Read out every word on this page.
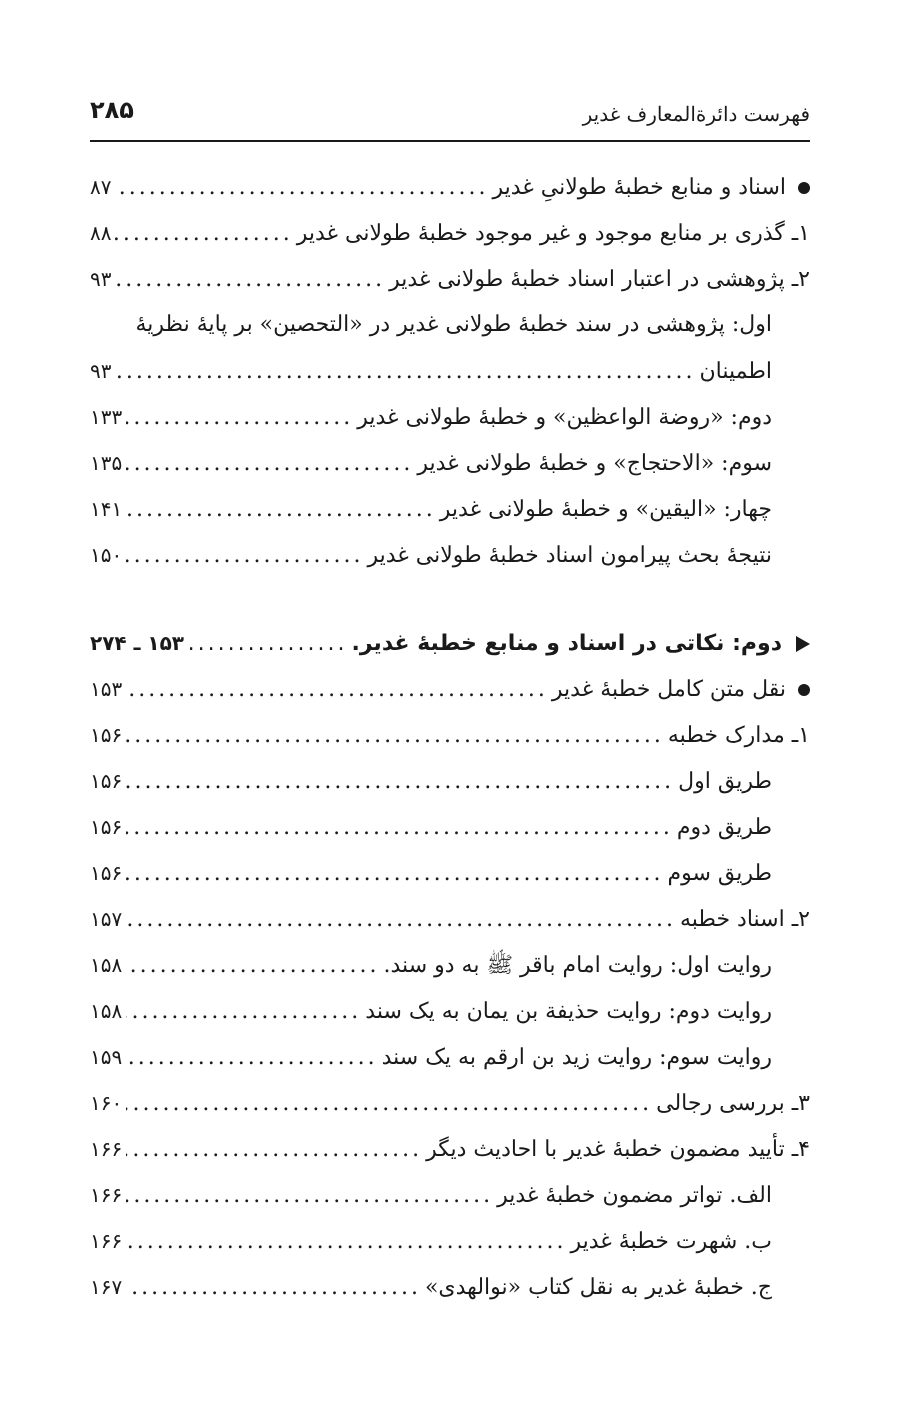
۲۸۵	فهرست دائرةالمعارف غدیر
اسناد و منابع خطبهٔ طولانیِ غدیر
.....
۸۷
۱ـ گذری بر منابع موجود و غیر موجود خطبهٔ طولانی غدیر
.....
۸۸
۲ـ پژوهشی در اعتبار اسناد خطبهٔ طولانی غدیر
.....
۹۳
اول: پژوهشی در سند خطبهٔ طولانی غدیر در «التحصین» بر پایهٔ نظریهٔ
اطمینان
.....
۹۳
دوم: «روضة الواعظین» و خطبهٔ طولانی غدیر
.....
۱۳۳
سوم: «الاحتجاج» و خطبهٔ طولانی غدیر
.....
۱۳۵
چهار: «الیقین» و خطبهٔ طولانی غدیر
.....
۱۴۱
نتیجهٔ بحث پیرامون اسناد خطبهٔ طولانی غدیر
.....
۱۵۰
دوم: نکاتی در اسناد و منابع خطبهٔ غدیر.
.....
۱۵۳ ـ ۲۷۴
نقل متن کامل خطبهٔ غدیر
.....
۱۵۳
۱ـ مدارک خطبه
.....
۱۵۶
طریق اول
.....
۱۵۶
طریق دوم
.....
۱۵۶
طریق سوم
.....
۱۵۶
۲ـ اسناد خطبه
.....
۱۵۷
روایت اول: روایت امام باقر ﷺ به دو سند.
.....
۱۵۸
روایت دوم: روایت حذیفة بن یمان به یک سند
.....
۱۵۸
روایت سوم: روایت زید بن ارقم به یک سند
.....
۱۵۹
۳ـ بررسی رجالی
.....
۱۶۰
۴ـ تأیید مضمون خطبهٔ غدیر با احادیث دیگر
.....
۱۶۶
الف. تواتر مضمون خطبهٔ غدیر
.....
۱۶۶
ب. شهرت خطبهٔ غدیر
.....
۱۶۶
ج. خطبهٔ غدیر به نقل کتاب «نوالهدی»
.....
۱۶۷
